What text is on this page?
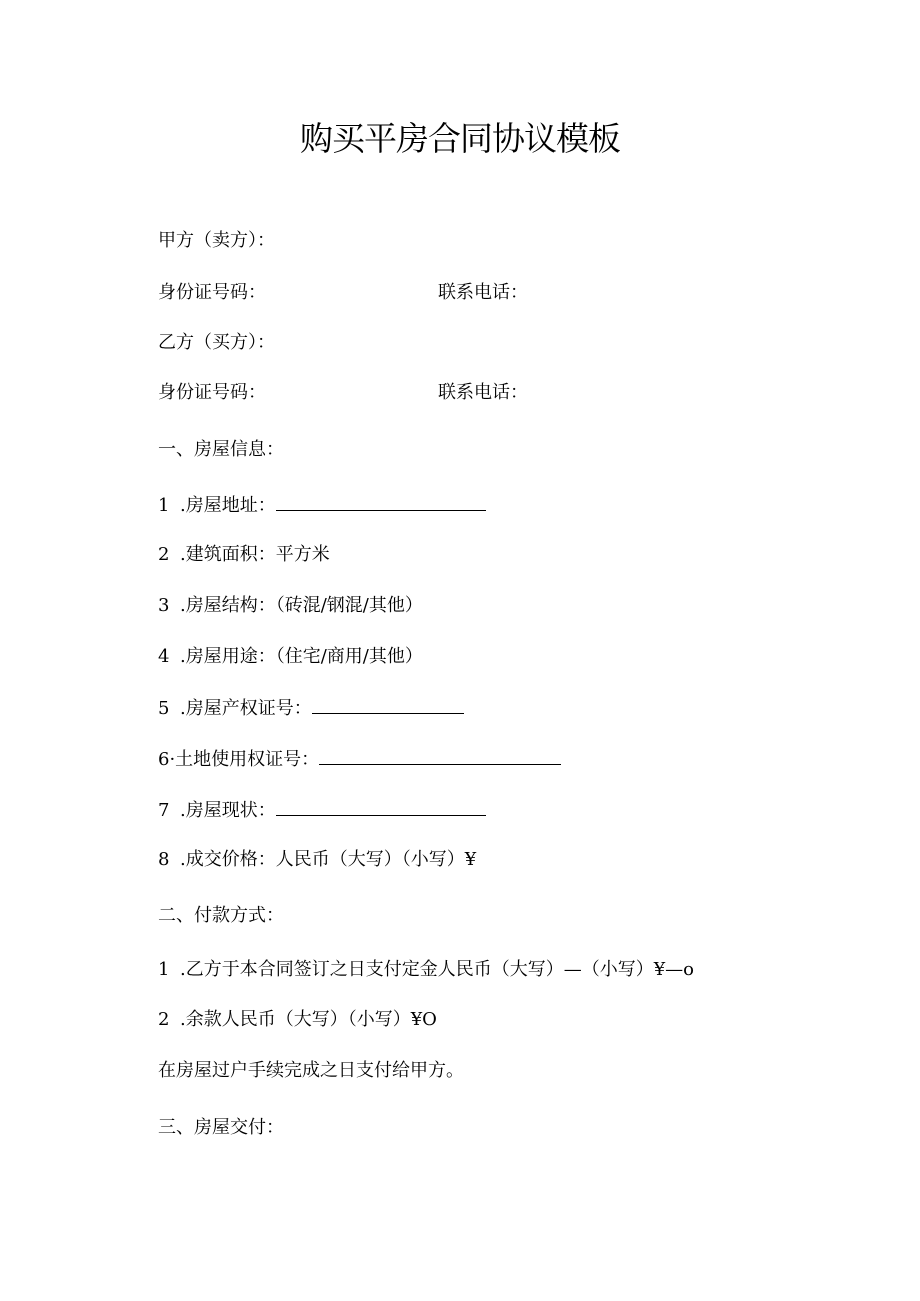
购买平房合同协议模板
甲方（卖方）：
身份证号码：	联系电话：
乙方（买方）：
身份证号码：	联系电话：
一、房屋信息：
1 .房屋地址：
2 .建筑面积：平方米
3 .房屋结构：（砖混/钢混/其他）
4 .房屋用途：（住宅/商用/其他）
5 .房屋产权证号：
6·土地使用权证号：
7 .房屋现状：
8 .成交价格：人民币（大写）（小写）¥
二、付款方式：
1 .乙方于本合同签订之日支付定金人民币（大写）—（小写）¥—o
2 .余款人民币（大写）（小写）¥O
在房屋过户手续完成之日支付给甲方。
三、房屋交付：
